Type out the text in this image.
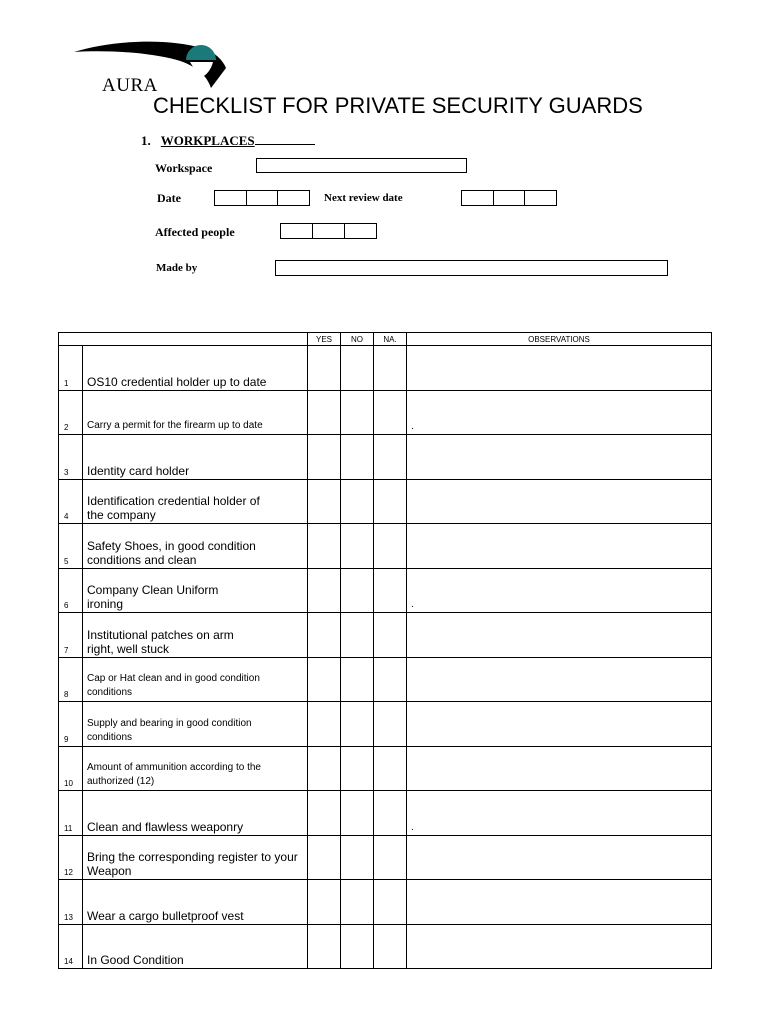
AURA
CHECKLIST FOR PRIVATE SECURITY GUARDS
1. WORKPLACES
Workspace
Date	Next review date
Affected people
Made by
		YES	NO	NA.	OBSERVATIONS
1	OS10 credential holder up to date				
2	Carry a permit for the firearm up to date				.
3	Identity card holder				
4	Identification credential holder of
the company				
5	Safety Shoes, in good condition
conditions and clean				
6	Company Clean Uniform
ironing				.
7	Institutional patches on arm
right, well stuck				
8	Cap or Hat clean and in good condition
conditions				
9	Supply and bearing in good condition
conditions				
10	Amount of ammunition according to the
authorized (12)				
11	Clean and flawless weaponry				.
12	Bring the corresponding register to your
Weapon				
13	Wear a cargo bulletproof vest				
14	In Good Condition				
